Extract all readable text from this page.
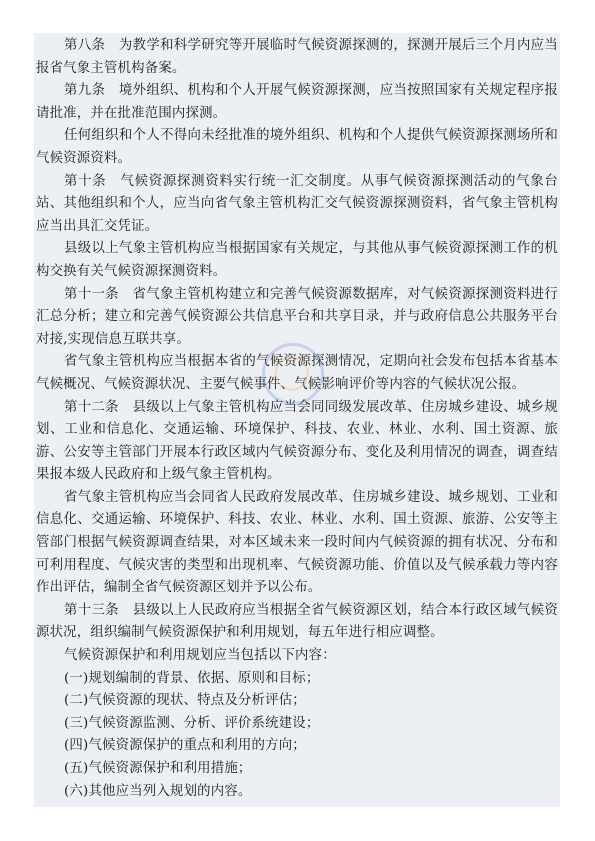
第八条　为教学和科学研究等开展临时气候资源探测的，探测开展后三个月内应当报省气象主管机构备案。

第九条　境外组织、机构和个人开展气候资源探测，应当按照国家有关规定程序报请批准，并在批准范围内探测。

任何组织和个人不得向未经批准的境外组织、机构和个人提供气候资源探测场所和气候资源资料。

第十条　气候资源探测资料实行统一汇交制度。从事气候资源探测活动的气象台站、其他组织和个人，应当向省气象主管机构汇交气候资源探测资料，省气象主管机构应当出具汇交凭证。

县级以上气象主管机构应当根据国家有关规定，与其他从事气候资源探测工作的机构交换有关气候资源探测资料。

第十一条　省气象主管机构建立和完善气候资源数据库，对气候资源探测资料进行汇总分析；建立和完善气候资源公共信息平台和共享目录，并与政府信息公共服务平台对接,实现信息互联共享。

省气象主管机构应当根据本省的气候资源探测情况，定期向社会发布包括本省基本气候概况、气候资源状况、主要气候事件、气候影响评价等内容的气候状况公报。

第十二条　县级以上气象主管机构应当会同同级发展改革、住房城乡建设、城乡规划、工业和信息化、交通运输、环境保护、科技、农业、林业、水利、国土资源、旅游、公安等主管部门开展本行政区域内气候资源分布、变化及利用情况的调查，调查结果报本级人民政府和上级气象主管机构。

省气象主管机构应当会同省人民政府发展改革、住房城乡建设、城乡规划、工业和信息化、交通运输、环境保护、科技、农业、林业、水利、国土资源、旅游、公安等主管部门根据气候资源调查结果，对本区域未来一段时间内气候资源的拥有状况、分布和可利用程度、气候灾害的类型和出现机率、气候资源功能、价值以及气候承载力等内容作出评估，编制全省气候资源区划并予以公布。

第十三条　县级以上人民政府应当根据全省气候资源区划，结合本行政区域气候资源状况，组织编制气候资源保护和利用规划，每五年进行相应调整。

气候资源保护和利用规划应当包括以下内容：

(一)规划编制的背景、依据、原则和目标；

(二)气候资源的现状、特点及分析评估；

(三)气候资源监测、分析、评价系统建设；

(四)气候资源保护的重点和利用的方向；

(五)气候资源保护和利用措施；

(六)其他应当列入规划的内容。
